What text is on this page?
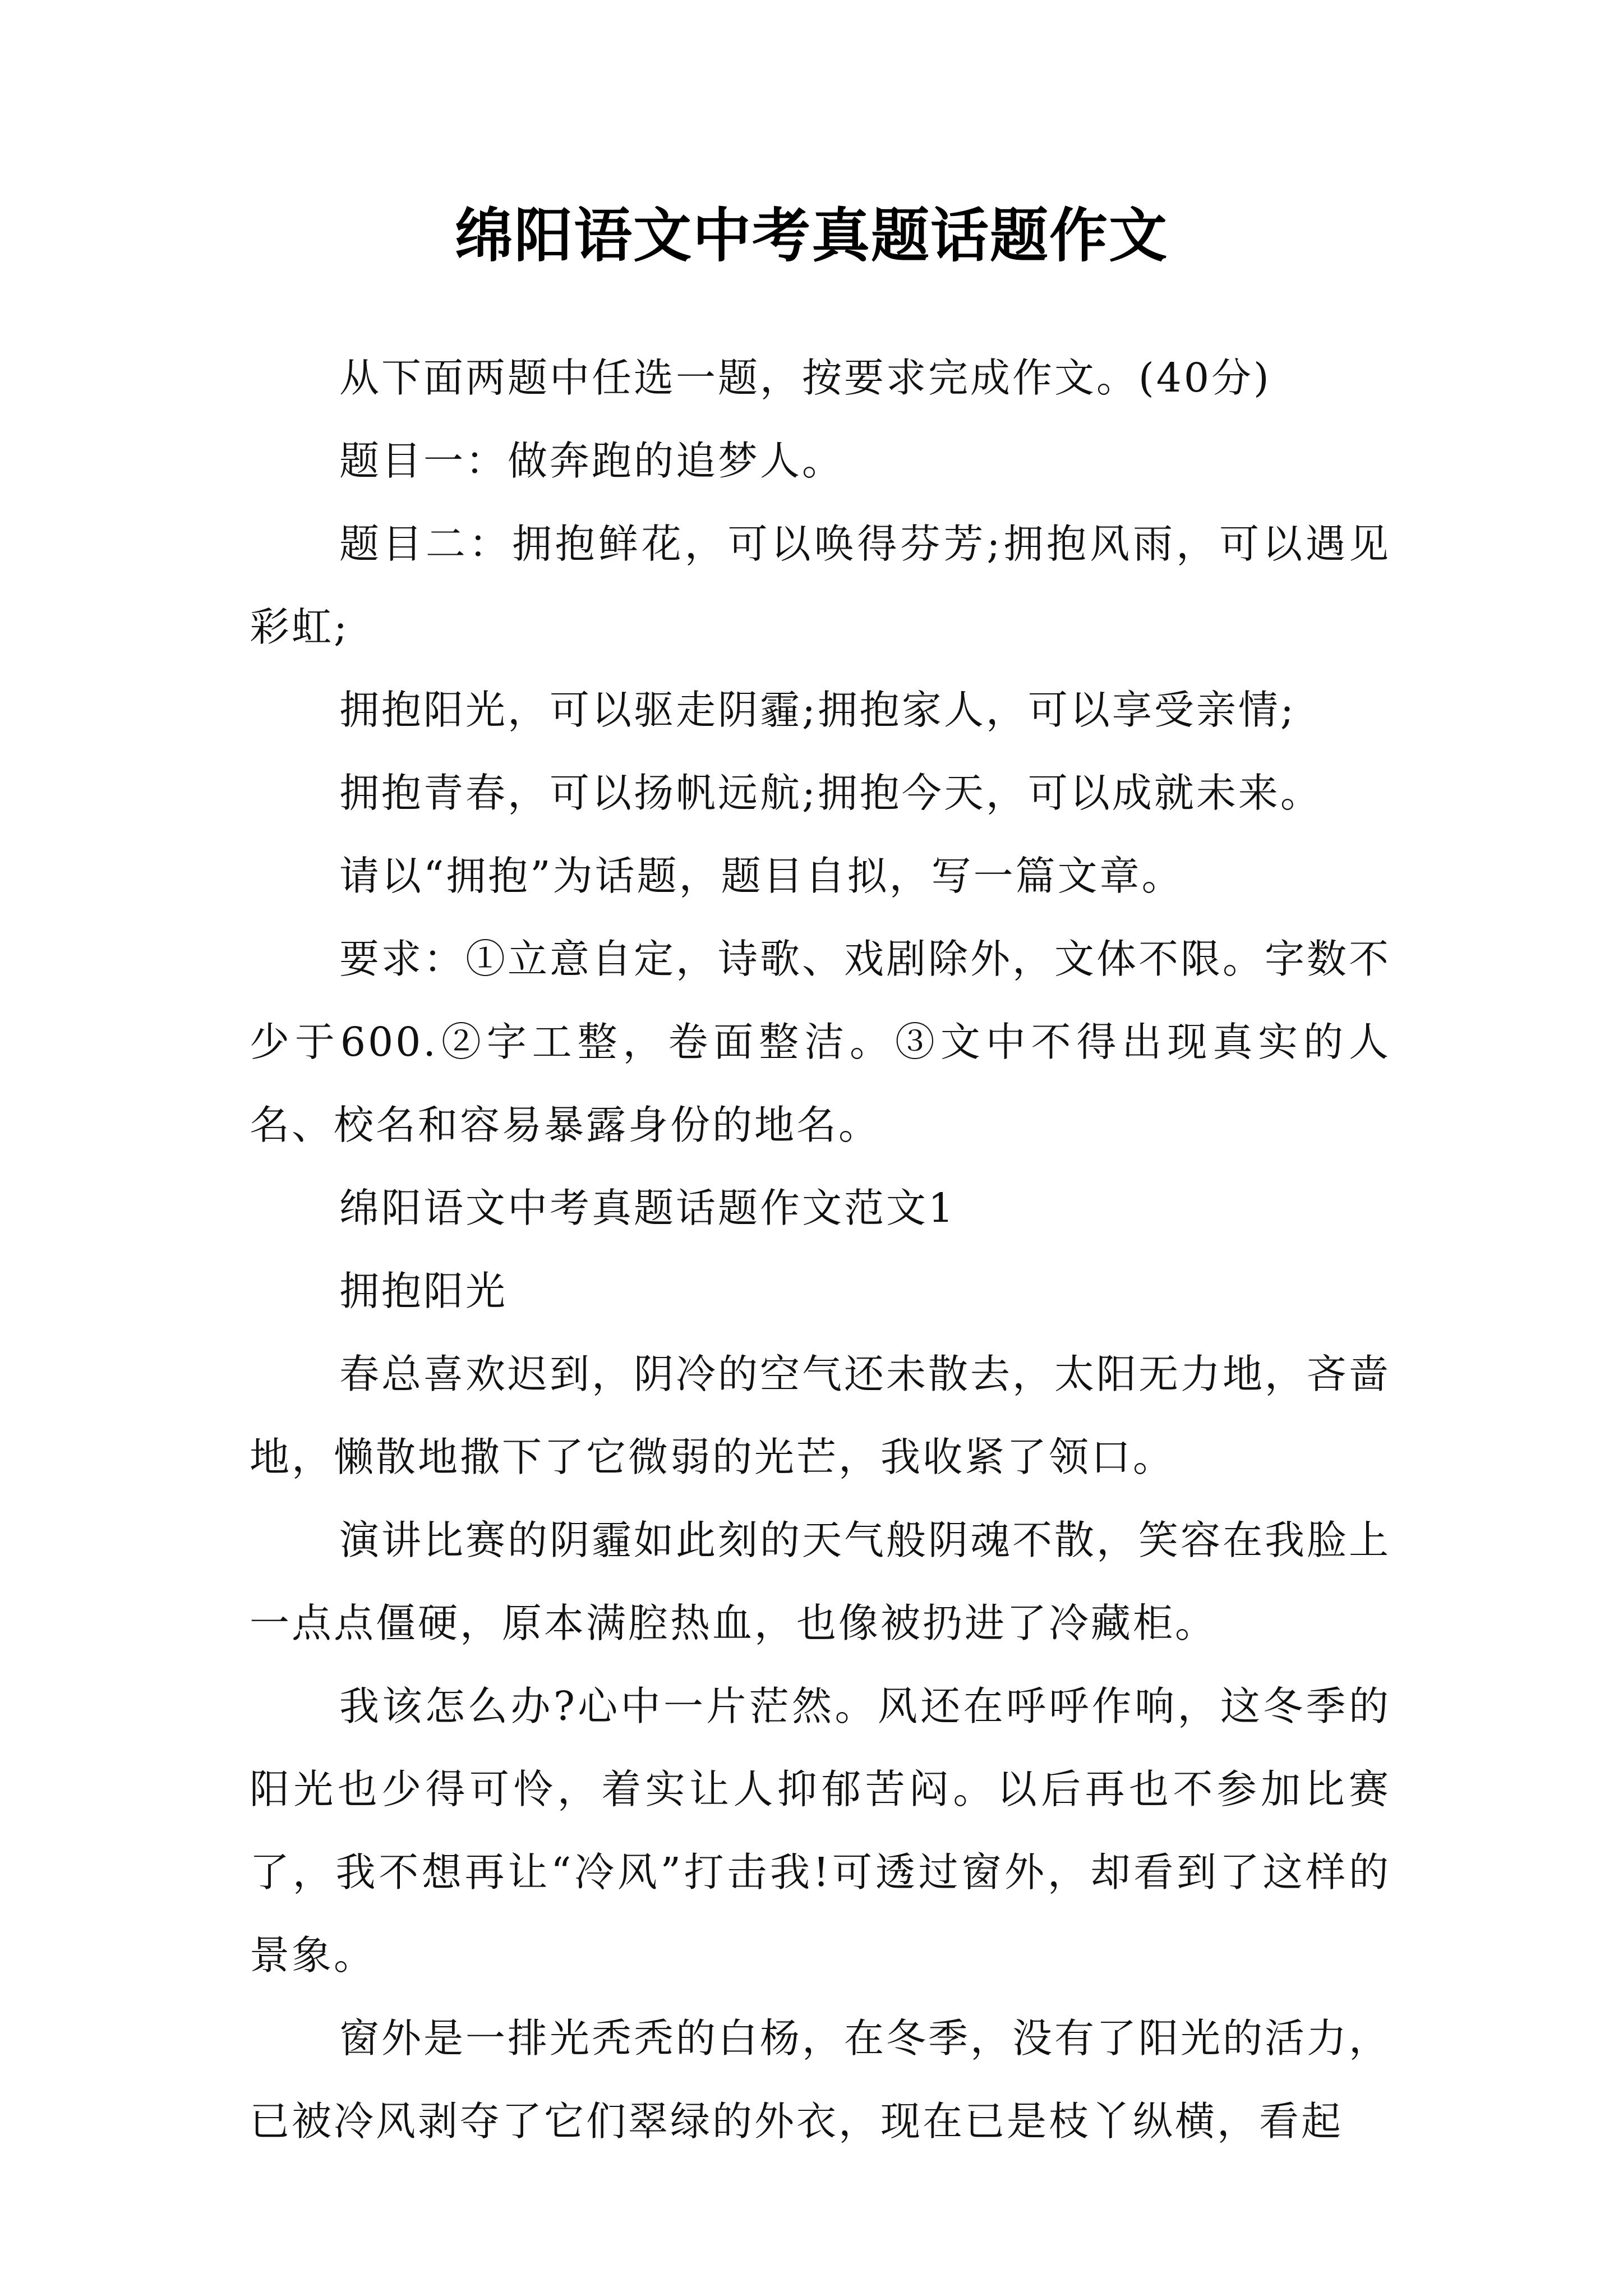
绵阳语文中考真题话题作文

从下面两题中任选一题，按要求完成作文。(40分)

题目一：做奔跑的追梦人。

题目二：拥抱鲜花，可以唤得芬芳;拥抱风雨，可以遇见彩虹;

拥抱阳光，可以驱走阴霾;拥抱家人，可以享受亲情;

拥抱青春，可以扬帆远航;拥抱今天，可以成就未来。

请以“拥抱”为话题，题目自拟，写一篇文章。

要求：①立意自定，诗歌、戏剧除外，文体不限。字数不少于600.②字工整，卷面整洁。③文中不得出现真实的人名、校名和容易暴露身份的地名。

绵阳语文中考真题话题作文范文1

拥抱阳光

春总喜欢迟到，阴冷的空气还未散去，太阳无力地，吝啬地，懒散地撒下了它微弱的光芒，我收紧了领口。

演讲比赛的阴霾如此刻的天气般阴魂不散，笑容在我脸上一点点僵硬，原本满腔热血，也像被扔进了冷藏柜。

我该怎么办?心中一片茫然。风还在呼呼作响，这冬季的阳光也少得可怜，着实让人抑郁苦闷。以后再也不参加比赛了，我不想再让“冷风”打击我!可透过窗外，却看到了这样的景象。

窗外是一排光秃秃的白杨，在冬季，没有了阳光的活力，已被冷风剥夺了它们翠绿的外衣，现在已是枝丫纵横，看起
